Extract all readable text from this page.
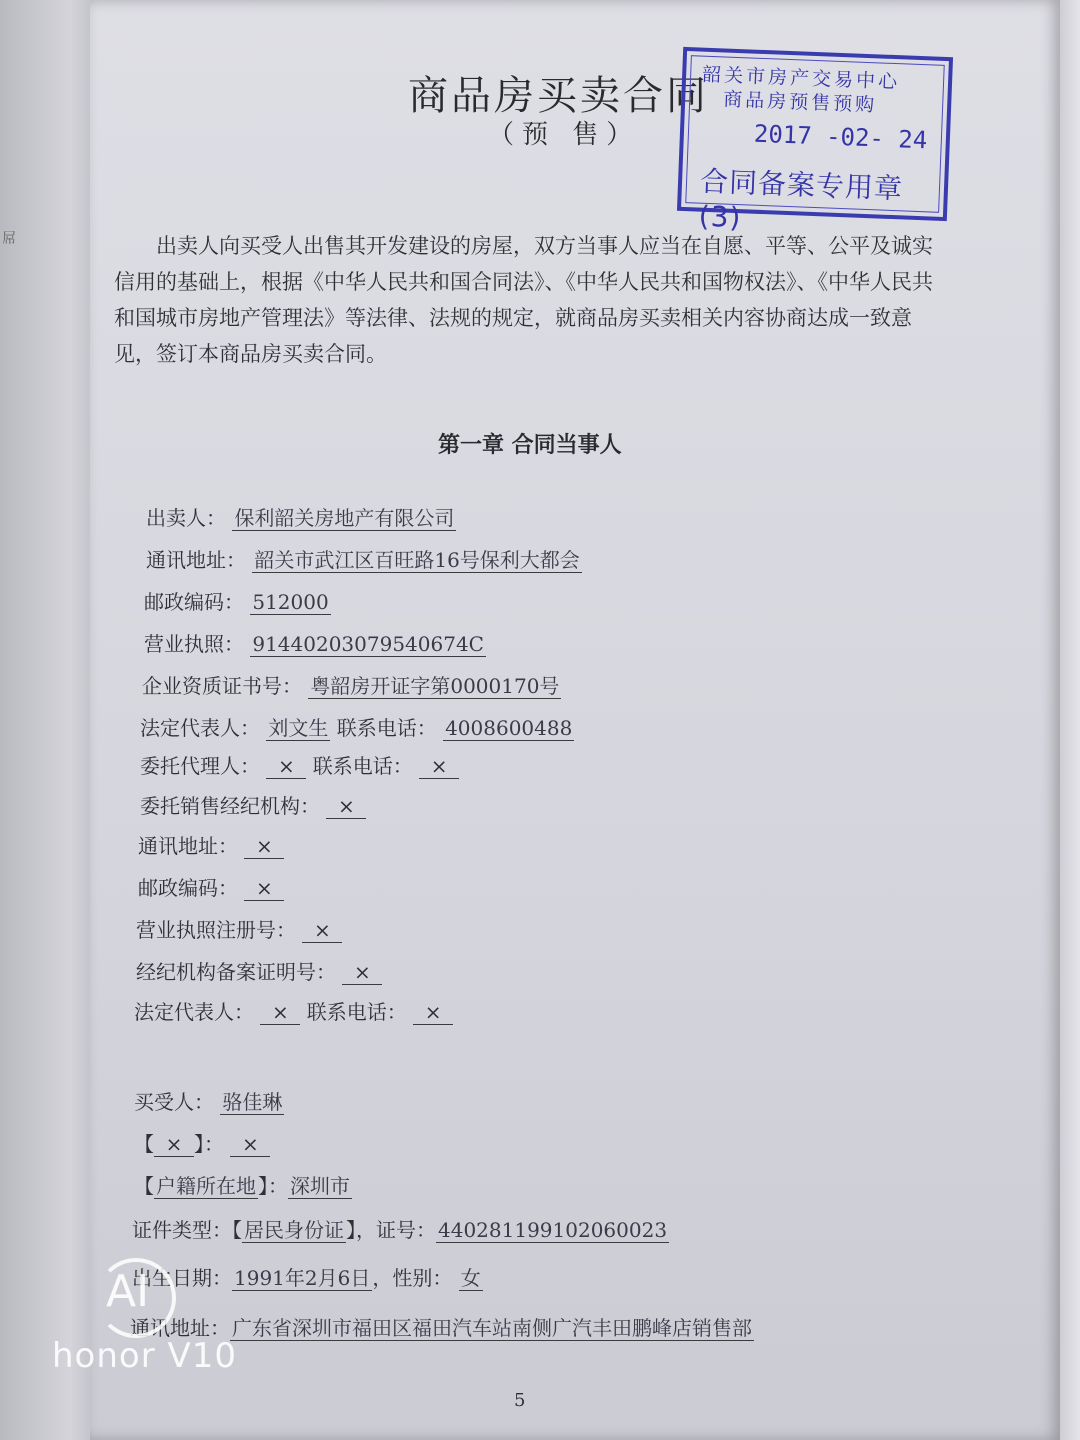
屌
商品房买卖合同
（预 售）
韶关市房产交易中心
商品房预售预购
2017 -02- 24
合同备案专用章(3)

出卖人向买受人出售其开发建设的房屋，双方当事人应当在自愿、平等、公平及诚实信用的基础上，根据《中华人民共和国合同法》、《中华人民共和国物权法》、《中华人民共和国城市房地产管理法》等法律、法规的规定，就商品房买卖相关内容协商达成一致意见，签订本商品房买卖合同。

第一章 合同当事人
出卖人： 保利韶关房地产有限公司
通讯地址： 韶关市武江区百旺路16号保利大都会
邮政编码： 512000
营业执照： 91440203079540674C
企业资质证书号： 粤韶房开证字第0000170号
法定代表人： 刘文生 联系电话： 4008600488
委托代理人： × 联系电话： ×
委托销售经纪机构： ×
通讯地址： ×
邮政编码： ×
营业执照注册号： ×
经纪机构备案证明号： ×
法定代表人： × 联系电话： ×
买受人： 骆佳琳
【 × 】： ×
【 户籍所在地 】： 深圳市
证件类型：【 居民身份证 】，证号： 440281199102060023
出生日期： 1991年2月6日 ，性别： 女
通讯地址： 广东省深圳市福田区福田汽车站南侧广汽丰田鹏峰店销售部
5
AI
honor V10
